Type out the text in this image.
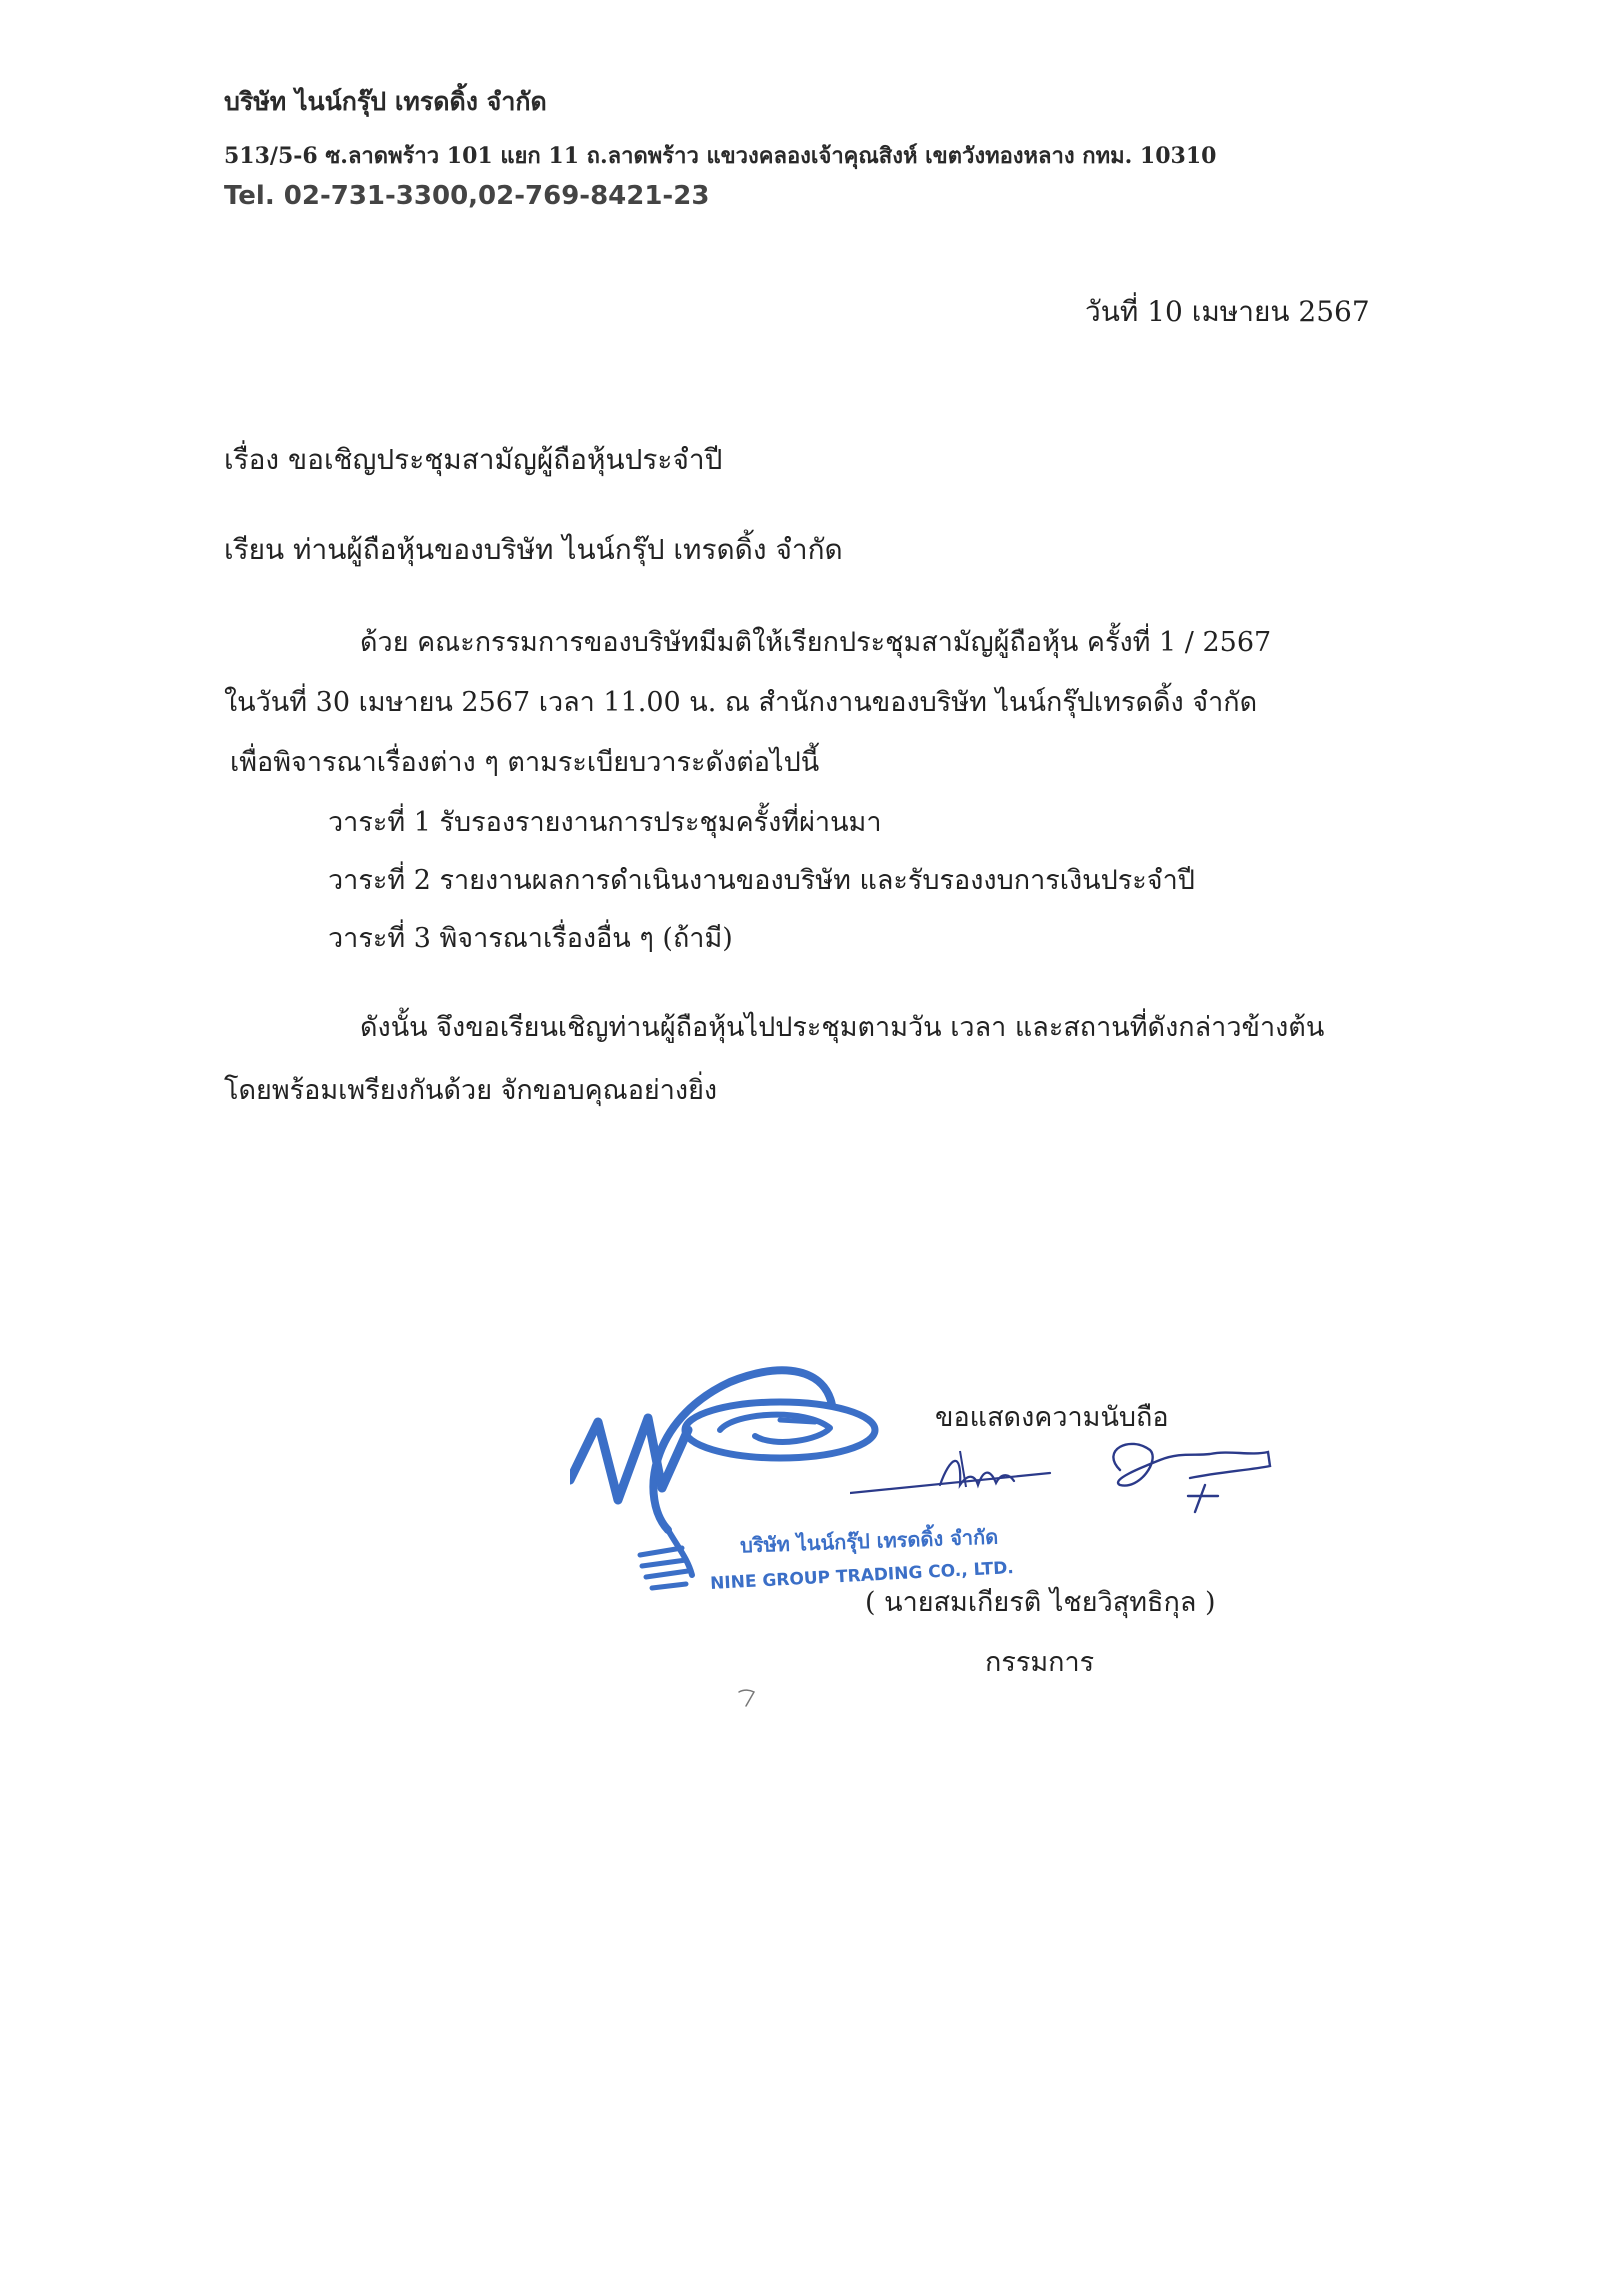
บริษัท ไนน์กรุ๊ป เทรดดิ้ง จำกัด
513/5-6 ซ.ลาดพร้าว 101 แยก 11 ถ.ลาดพร้าว แขวงคลองเจ้าคุณสิงห์ เขตวังทองหลาง กทม. 10310
Tel. 02-731-3300,02-769-8421-23
วันที่ 10 เมษายน 2567
เรื่อง ขอเชิญประชุมสามัญผู้ถือหุ้นประจำปี
เรียน ท่านผู้ถือหุ้นของบริษัท ไนน์กรุ๊ป เทรดดิ้ง จำกัด
ด้วย คณะกรรมการของบริษัทมีมติให้เรียกประชุมสามัญผู้ถือหุ้น ครั้งที่ 1 / 2567
ในวันที่ 30 เมษายน 2567 เวลา 11.00 น. ณ สำนักงานของบริษัท ไนน์กรุ๊ปเทรดดิ้ง จำกัด
เพื่อพิจารณาเรื่องต่าง ๆ ตามระเบียบวาระดังต่อไปนี้
วาระที่ 1 รับรองรายงานการประชุมครั้งที่ผ่านมา
วาระที่ 2 รายงานผลการดำเนินงานของบริษัท และรับรองงบการเงินประจำปี
วาระที่ 3 พิจารณาเรื่องอื่น ๆ (ถ้ามี)
ดังนั้น จึงขอเรียนเชิญท่านผู้ถือหุ้นไปประชุมตามวัน เวลา และสถานที่ดังกล่าวข้างต้น
โดยพร้อมเพรียงกันด้วย จักขอบคุณอย่างยิ่ง
บริษัท ไนน์กรุ๊ป เทรดดิ้ง จำกัด
NINE GROUP TRADING CO., LTD.
ขอแสดงความนับถือ
( นายสมเกียรติ ไชยวิสุทธิกุล )
กรรมการ
